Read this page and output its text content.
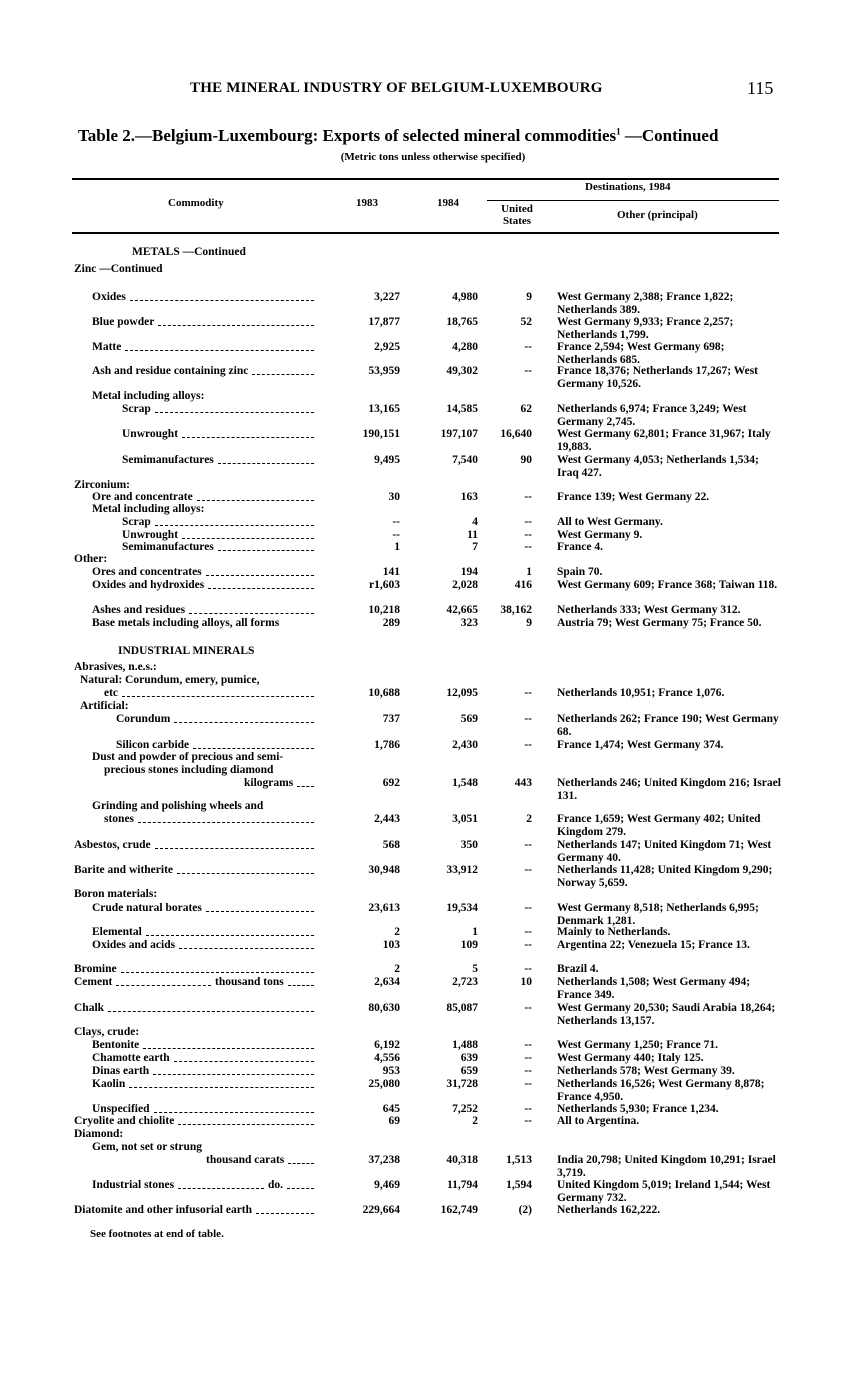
THE MINERAL INDUSTRY OF BELGIUM-LUXEMBOURG	115
Table 2.—Belgium-Luxembourg: Exports of selected mineral commodities$^1$ —Continued
(Metric tons unless otherwise specified)
Commodity	1983	1984
Destinations, 1984
United States	Other (principal)
METALS —Continued
Zinc —Continued
Oxides	3,227	4,980	9 West Germany 2,388; France 1,822; Netherlands 389.
Blue powder	17,877	18,765	52 West Germany 9,933; France 2,257; Netherlands 1,799.
Matte	2,925	4,280	-- France 2,594; West Germany 698; Netherlands 685.
Ash and residue containing zinc	53,959	49,302	-- France 18,376; Netherlands 17,267; West Germany 10,526.
Metal including alloys:
Scrap	13,165	14,585	62 Netherlands 6,974; France 3,249; West Germany 2,745.
Unwrought	190,151	197,107	16,640 West Germany 62,801; France 31,967; Italy 19,883.
Semimanufactures	9,495	7,540	90 West Germany 4,053; Netherlands 1,534; Iraq 427.
Zirconium:
Ore and concentrate	30	163	-- France 139; West Germany 22.
Metal including alloys:
Scrap	--	4	-- All to West Germany.
Unwrought	--	11	-- West Germany 9.
Semimanufactures	1	7	-- France 4.
Other:
Ores and concentrates	141	194	1 Spain 70.
Oxides and hydroxides	r1,603	2,028	416 West Germany 609; France 368; Taiwan 118.
Ashes and residues	10,218	42,665	38,162 Netherlands 333; West Germany 312.
Base metals including alloys, all forms	289	323	9 Austria 79; West Germany 75; France 50.
INDUSTRIAL MINERALS
Abrasives, n.e.s.:
Natural: Corundum, emery, pumice,
etc	10,688	12,095	-- Netherlands 10,951; France 1,076.
Artificial:
Corundum	737	569	-- Netherlands 262; France 190; West Germany 68.
Silicon carbide	1,786	2,430	-- France 1,474; West Germany 374.
Dust and powder of precious and semi-
precious stones including diamond
kilograms	692	1,548	443 Netherlands 246; United Kingdom 216; Israel 131.
Grinding and polishing wheels and
stones	2,443	3,051	2 France 1,659; West Germany 402; United Kingdom 279.
Asbestos, crude	568	350	-- Netherlands 147; United Kingdom 71; West Germany 40.
Barite and witherite	30,948	33,912	-- Netherlands 11,428; United Kingdom 9,290; Norway 5,659.
Boron materials:
Crude natural borates	23,613	19,534	-- West Germany 8,518; Netherlands 6,995; Denmark 1,281.
Elemental	2	1	-- Mainly to Netherlands.
Oxides and acids	103	109	-- Argentina 22; Venezuela 15; France 13.
Bromine	2	5	-- Brazil 4.
Cement	thousand tons	2,634	2,723	10 Netherlands 1,508; West Germany 494; France 349.
Chalk	80,630	85,087	-- West Germany 20,530; Saudi Arabia 18,264; Netherlands 13,157.
Clays, crude:
Bentonite	6,192	1,488	-- West Germany 1,250; France 71.
Chamotte earth	4,556	639	-- West Germany 440; Italy 125.
Dinas earth	953	659	-- Netherlands 578; West Germany 39.
Kaolin	25,080	31,728	-- Netherlands 16,526; West Germany 8,878; France 4,950.
Unspecified	645	7,252	-- Netherlands 5,930; France 1,234.
Cryolite and chiolite	69	2	-- All to Argentina.
Diamond:
Gem, not set or strung
thousand carats	37,238	40,318	1,513 India 20,798; United Kingdom 10,291; Israel 3,719.
Industrial stones	do.	9,469	11,794	1,594 United Kingdom 5,019; Ireland 1,544; West Germany 732.
Diatomite and other infusorial earth	229,664	162,749	(2) Netherlands 162,222.
See footnotes at end of table.
